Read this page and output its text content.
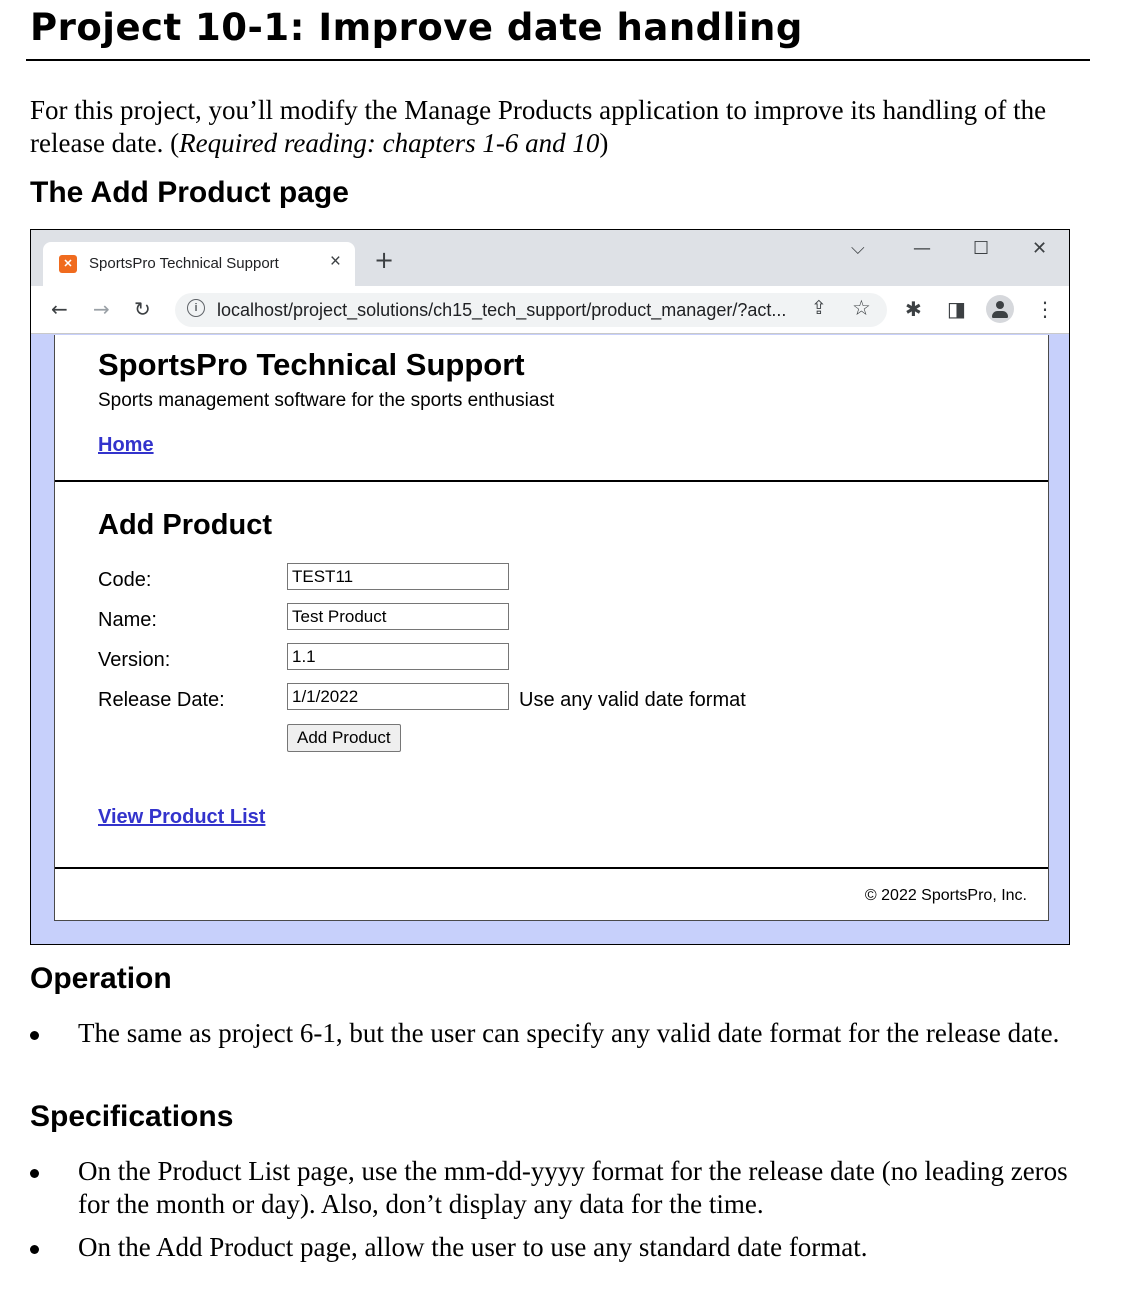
Project 10-1: Improve date handling

For this project, you’ll modify the Manage Products application to improve its handling of the release date. (Required reading: chapters 1-6 and 10)

The Add Product page
✕ SportsPro Technical Support	× +	⌵	— ☐ ✕
← → ↻	i	localhost/project_solutions/ch15_tech_support/product_manager/?act... ⇪ ☆ ✱ ◨	⋮
SportsPro Technical Support
Sports management software for the sports enthusiast
Home
Add Product
Code:	TEST11
Name:	Test Product
Version:	1.1
Release Date:	1/1/2022	Use any valid date format
Add Product
View Product List
© 2022 SportsPro, Inc.
Operation
The same as project 6-1, but the user can specify any valid date format for the release date.
Specifications
On the Product List page, use the mm-dd-yyyy format for the release date (no leading zeros for the month or day). Also, don’t display any data for the time.
On the Add Product page, allow the user to use any standard date format.
